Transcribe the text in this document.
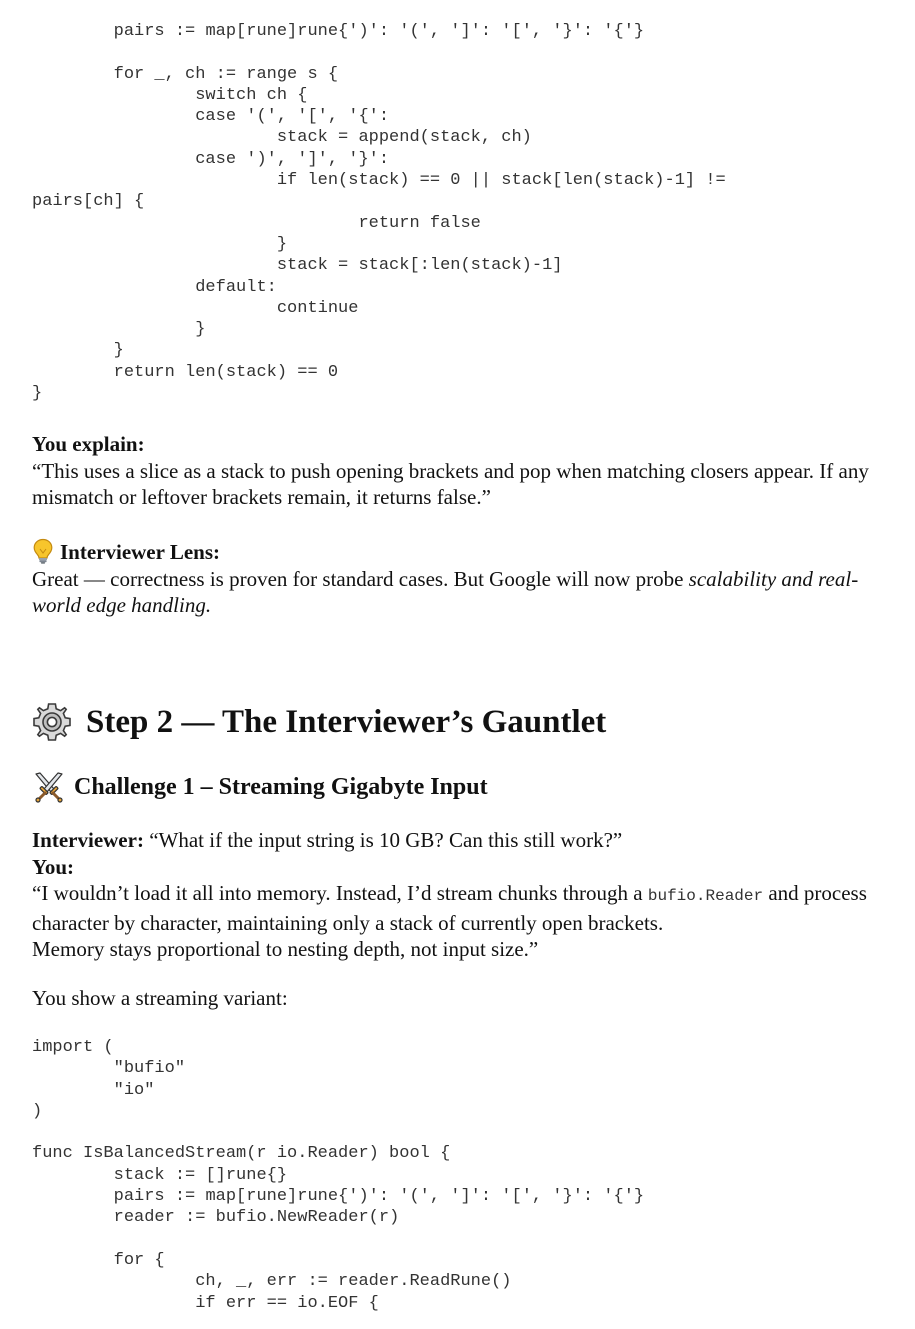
	pairs := map[rune]rune{')': '(', ']': '[', '}': '{'}
	for _, ch := range s {
		switch ch {
		case '(', '[', '{':
			stack = append(stack, ch)
		case ')', ']', '}':
			if len(stack) == 0 || stack[len(stack)-1] !=
pairs[ch] {
				return false
			}
			stack = stack[:len(stack)-1]
		default:
			continue
		}
	}
	return len(stack) == 0
}

You explain:

“This uses a slice as a stack to push opening brackets and pop when matching closers appear. If any mismatch or leftover brackets remain, it returns false.”

Interviewer Lens:

Great — correctness is proven for standard cases. But Google will now probe scalability and real-world edge handling.

Step 2 — The Interviewer’s Gauntlet
Challenge 1 – Streaming Gigabyte Input

Interviewer: “What if the input string is 10 GB? Can this still work?”

You:

“I wouldn’t load it all into memory. Instead, I’d stream chunks through a bufio.Reader and process character by character, maintaining only a stack of currently open brackets.

Memory stays proportional to nesting depth, not input size.”

You show a streaming variant:

import (
	"bufio"
	"io"
)
func IsBalancedStream(r io.Reader) bool {
	stack := []rune{}
	pairs := map[rune]rune{')': '(', ']': '[', '}': '{'}
	reader := bufio.NewReader(r)
	for {
		ch, _, err := reader.ReadRune()
		if err == io.EOF {
